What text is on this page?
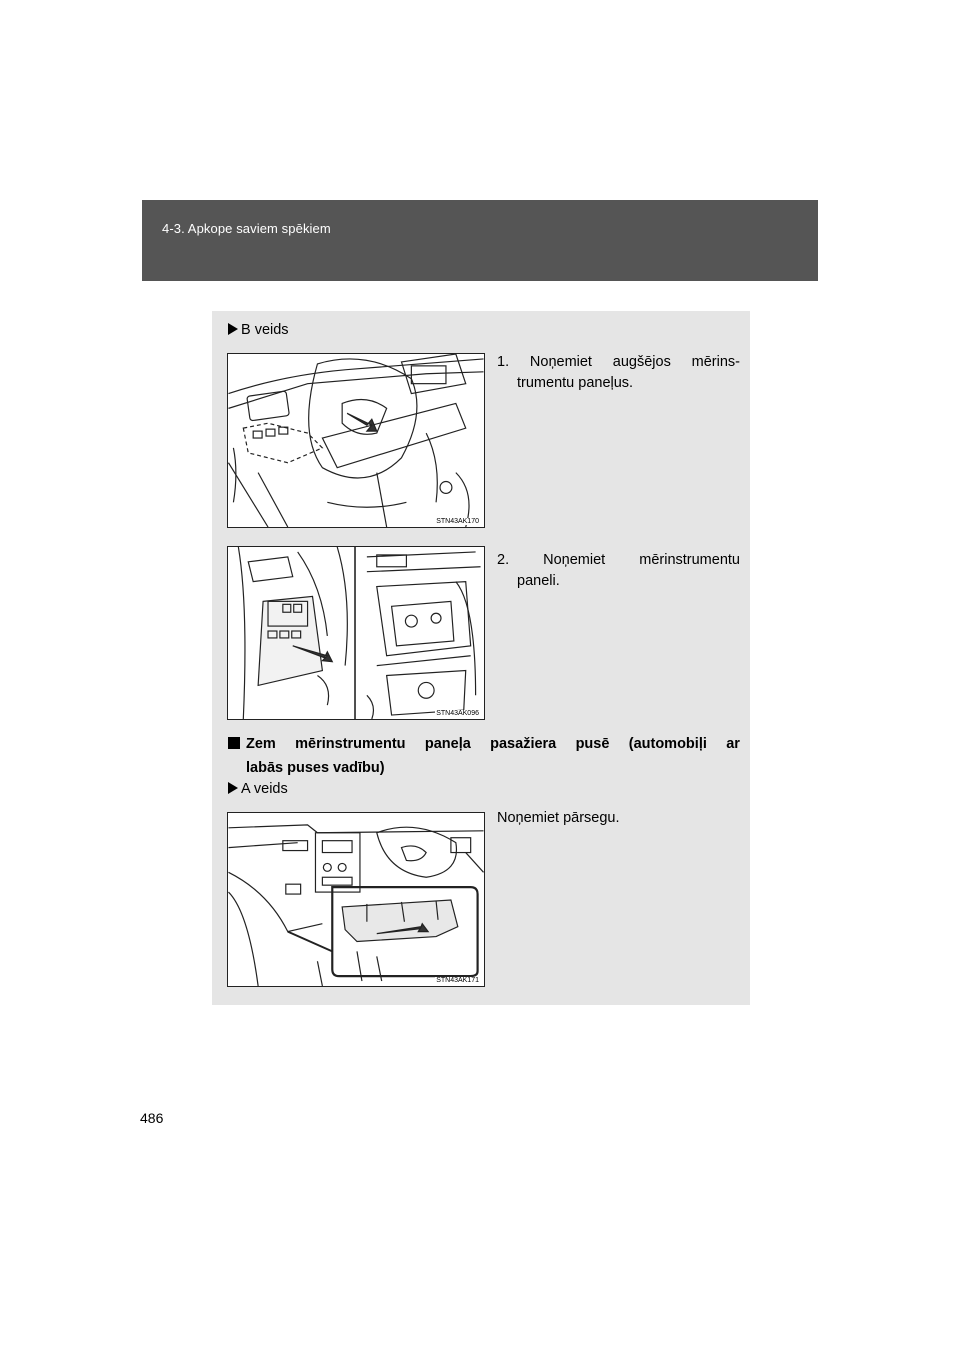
4-3. Apkope saviem spēkiem
B veids
1. Noņemiet augšējos mērins-
trumentu paneļus.
STN43AK170
2. Noņemiet mērinstrumentu
paneli.
STN43AK096
Zem mērinstrumentu paneļa pasažiera pusē (automobiļi ar
labās puses vadību)
A veids
Noņemiet pārsegu.
STN43AK171
486
